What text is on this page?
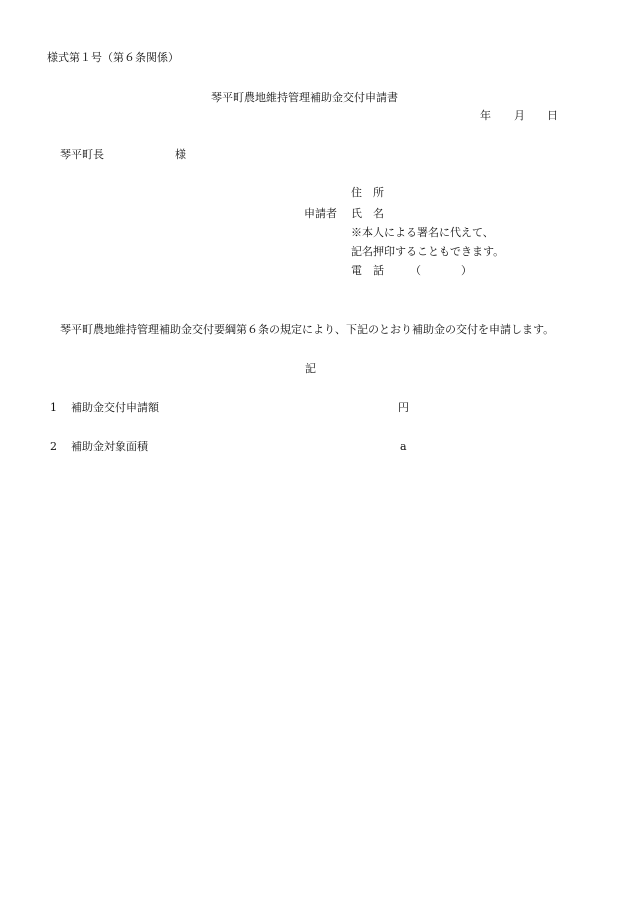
様式第１号（第６条関係）
琴平町農地維持管理補助金交付申請書
年 月 日
琴平町長	様
申請者
住　所
氏　名
※本人による署名に代えて、
記名押印することもできます。
電　話 （	）
琴平町農地維持管理補助金交付要綱第６条の規定により、下記のとおり補助金の交付を申請します。
記
1 補助金交付申請額	円
2 補助金対象面積	a
